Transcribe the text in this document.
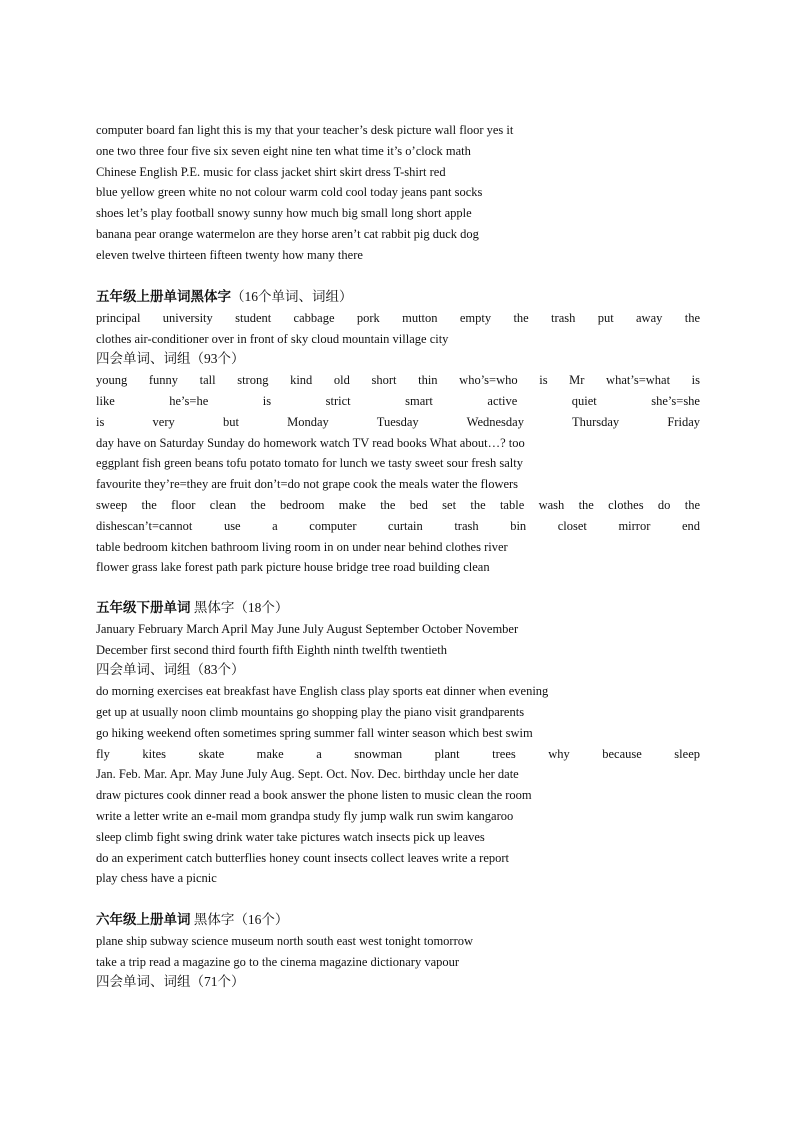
computer board fan light this is my that your teacher’s desk picture wall floor yes it
one two three four five six seven eight nine ten what time it’s o’clock math
Chinese English P.E. music for class jacket shirt skirt dress T-shirt red
blue yellow green white no not colour warm cold cool today jeans pant socks
shoes let’s play football snowy sunny how much big small long short apple
banana pear orange watermelon are they horse aren’t cat rabbit pig duck dog
eleven twelve thirteen fifteen twenty how many there
五年级上册单词黑体字（16个单词、词组）
principal university student cabbage pork mutton empty the trash put away the
clothes air-conditioner over in front of sky cloud mountain village city
四会单词、词组（93个）
young funny tall strong kind old short thin who’s=who is Mr what’s=what is
like he’s=he is strict smart active quiet she’s=she
is very but Monday Tuesday Wednesday Thursday Friday
day have on Saturday Sunday do homework watch TV read books What about…? too
eggplant fish green beans tofu potato tomato for lunch we tasty sweet sour fresh salty
favourite they’re=they are fruit don’t=do not grape cook the meals water the flowers
sweep the floor clean the bedroom make the bed set the table wash the clothes do the
dishescan’t=cannot use a computer curtain trash bin closet mirror end
table bedroom kitchen bathroom living room in on under near behind clothes river
flower grass lake forest path park picture house bridge tree road building clean
五年级下册单词 黑体字（18个）
January February March April May June July August September October November
December first second third fourth fifth Eighth ninth twelfth twentieth
四会单词、词组（83个）
do morning exercises eat breakfast have English class play sports eat dinner when evening
get up at usually noon climb mountains go shopping play the piano visit grandparents
go hiking weekend often sometimes spring summer fall winter season which best swim
fly kites skate make a snowman plant trees why because sleep
Jan. Feb. Mar. Apr. May June July Aug. Sept. Oct. Nov. Dec. birthday uncle her date
draw pictures cook dinner read a book answer the phone listen to music clean the room
write a letter write an e-mail mom grandpa study fly jump walk run swim kangaroo
sleep climb fight swing drink water take pictures watch insects pick up leaves
do an experiment catch butterflies honey count insects collect leaves write a report
play chess have a picnic
六年级上册单词 黑体字（16个）
plane ship subway science museum north south east west tonight tomorrow
take a trip read a magazine go to the cinema magazine dictionary vapour
四会单词、词组（71个）
